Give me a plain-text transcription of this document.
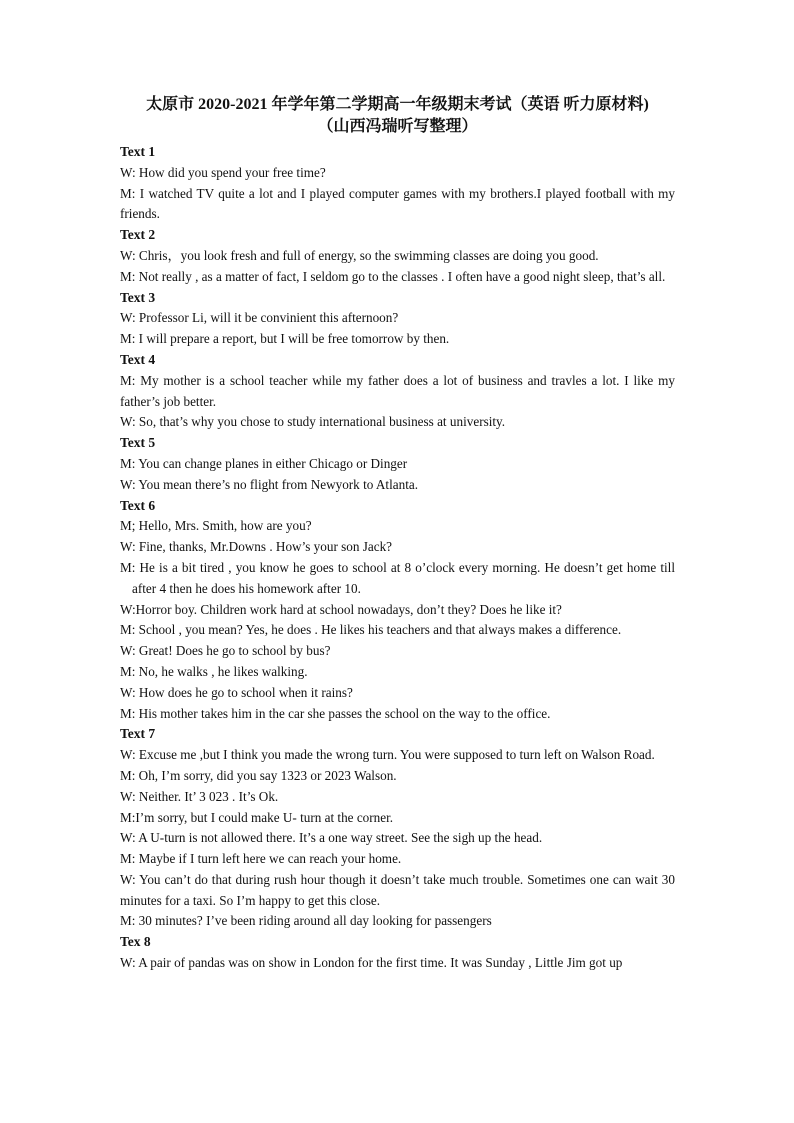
太原市 2020-2021 年学年第二学期高一年级期末考试（英语 听力原材料)

（山西冯瑞听写整理）

Text 1

W: How did you spend your free time?

M: I watched TV quite a lot and I played computer games with my brothers.I played football with my friends.

Text 2

W: Chris，you look fresh and full of energy, so the swimming classes are doing you good.

M: Not really , as a matter of fact, I seldom go to the classes . I often have a good night sleep, that’s all.

Text 3

W: Professor Li, will it be convinient this afternoon?

M: I will prepare a report, but I will be free tomorrow by then.

Text 4

M: My mother is a school teacher while my father does a lot of business and travles a lot. I like my father’s job better.

W: So, that’s why you chose to study international business at university.

Text 5

M: You can change planes in either Chicago or Dinger

W: You mean there’s no flight from Newyork to Atlanta.

Text 6

M; Hello, Mrs. Smith, how are you?

W: Fine, thanks, Mr.Downs . How’s your son Jack?

M: He is a bit tired , you know he goes to school at 8 o’clock every morning. He doesn’t get home till after 4 then he does his homework after 10.

W:Horror boy. Children work hard at school nowadays, don’t they? Does he like it?

M: School , you mean? Yes, he does . He likes his teachers and that always makes a difference.

W: Great! Does he go to school by bus?

M: No, he walks , he likes walking.

W: How does he go to school when it rains?

M: His mother takes him in the car she passes the school on the way to the office.

Text 7

W: Excuse me ,but I think you made the wrong turn. You were supposed to turn left on Walson Road.

M: Oh, I’m sorry, did you say 1323 or 2023 Walson.

W: Neither. It’ 3 023 . It’s Ok.

M:I’m sorry, but I could make U- turn at the corner.

W: A U-turn is not allowed there. It’s a one way street. See the sigh up the head.

M: Maybe if I turn left here we can reach your home.

W: You can’t do that during rush hour though it doesn’t take much trouble. Sometimes one can wait 30 minutes for a taxi. So I’m happy to get this close.

M: 30 minutes? I’ve been riding around all day looking for passengers

Tex 8

W: A pair of pandas was on show in London for the first time. It was Sunday , Little Jim got up
